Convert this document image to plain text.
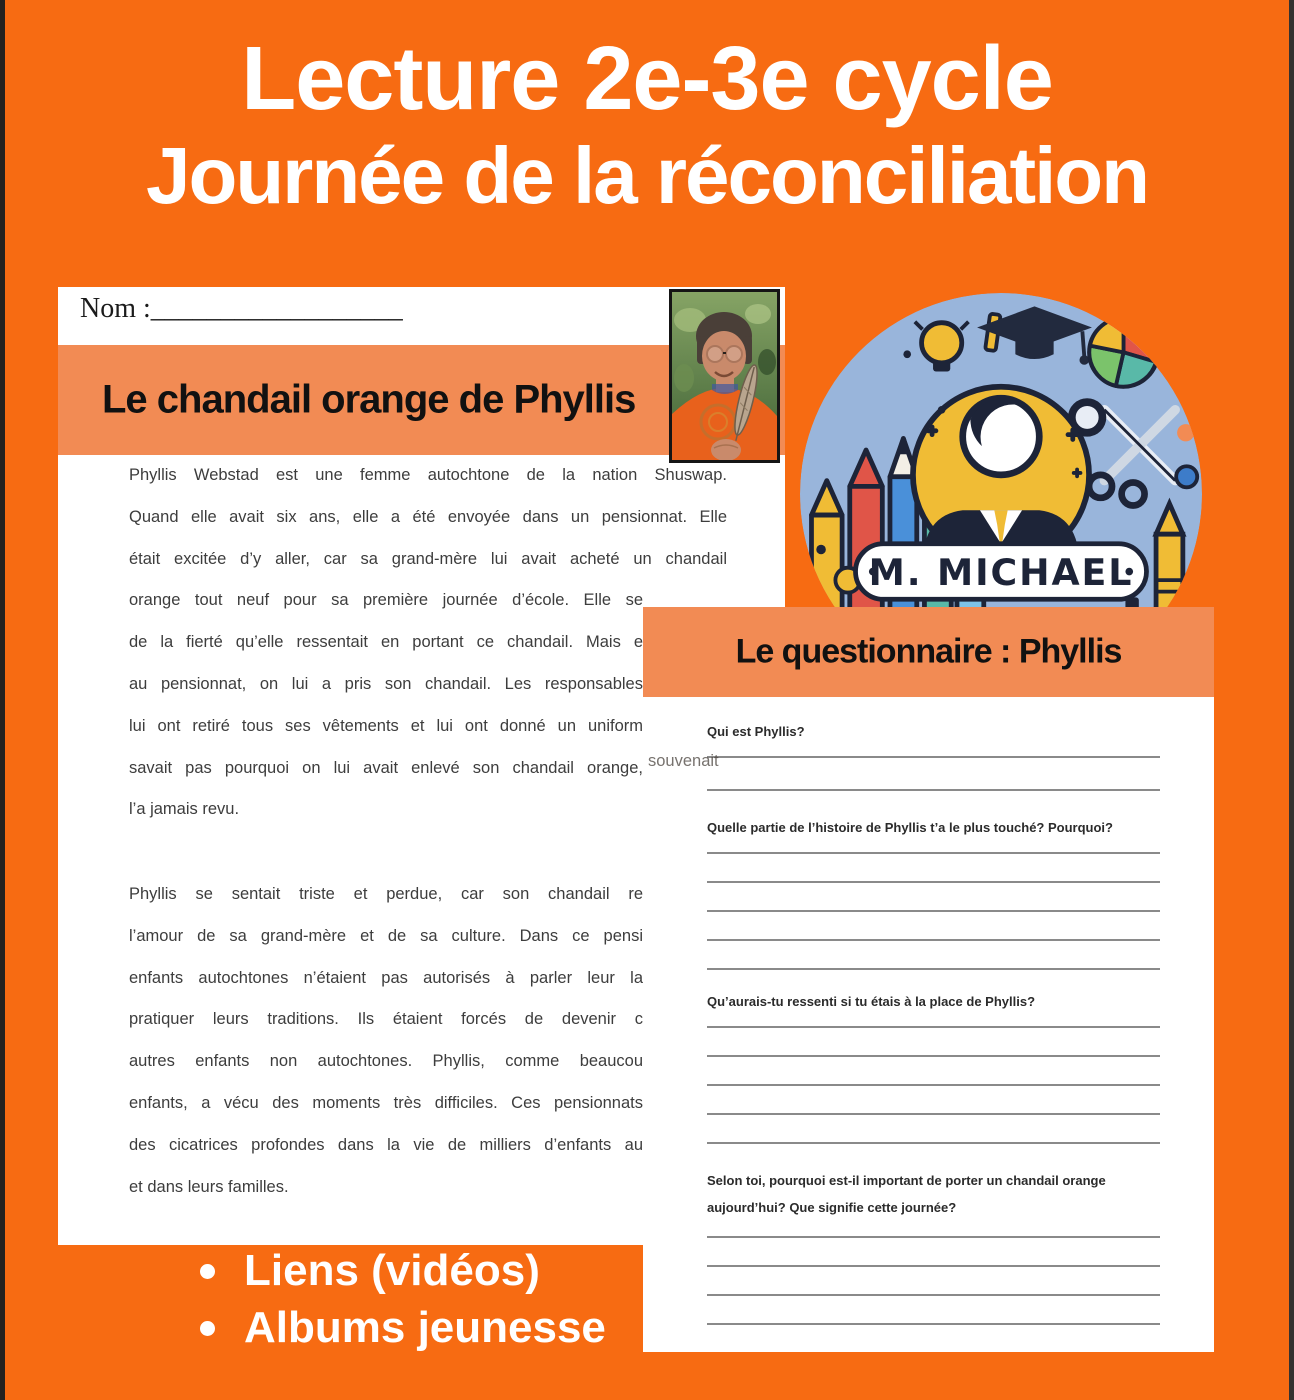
Lecture 2e-3e cycle
Journée de la réconciliation
Nom :__________________
Le chandail orange de Phyllis
Phyllis Webstad est une femme autochtone de la nation Shuswap.
Quand elle avait six ans, elle a été envoyée dans un pensionnat. Elle
était excitée d’y aller, car sa grand-mère lui avait acheté un chandail
orange tout neuf pour sa première journée d’école. Elle se
de la fierté qu’elle ressentait en portant ce chandail. Mais e
au pensionnat, on lui a pris son chandail. Les responsables
lui ont retiré tous ses vêtements et lui ont donné un uniform
savait pas pourquoi on lui avait enlevé son chandail orange,
l’a jamais revu.
Phyllis se sentait triste et perdue, car son chandail re
l’amour de sa grand-mère et de sa culture. Dans ce pensi
enfants autochtones n’étaient pas autorisés à parler leur la
pratiquer leurs traditions. Ils étaient forcés de devenir c
autres enfants non autochtones. Phyllis, comme beaucou
enfants, a vécu des moments très difficiles. Ces pensionnats
des cicatrices profondes dans la vie de milliers d’enfants au
et dans leurs familles.
souvenait
M. MICHAEL
Le questionnaire : Phyllis
Qui est Phyllis?
Quelle partie de l’histoire de Phyllis t’a le plus touché? Pourquoi?
Qu’aurais-tu ressenti si tu étais à la place de Phyllis?
Selon toi, pourquoi est-il important de porter un chandail orange aujourd’hui? Que signifie cette journée?
Liens (vidéos)
Albums jeunesse
